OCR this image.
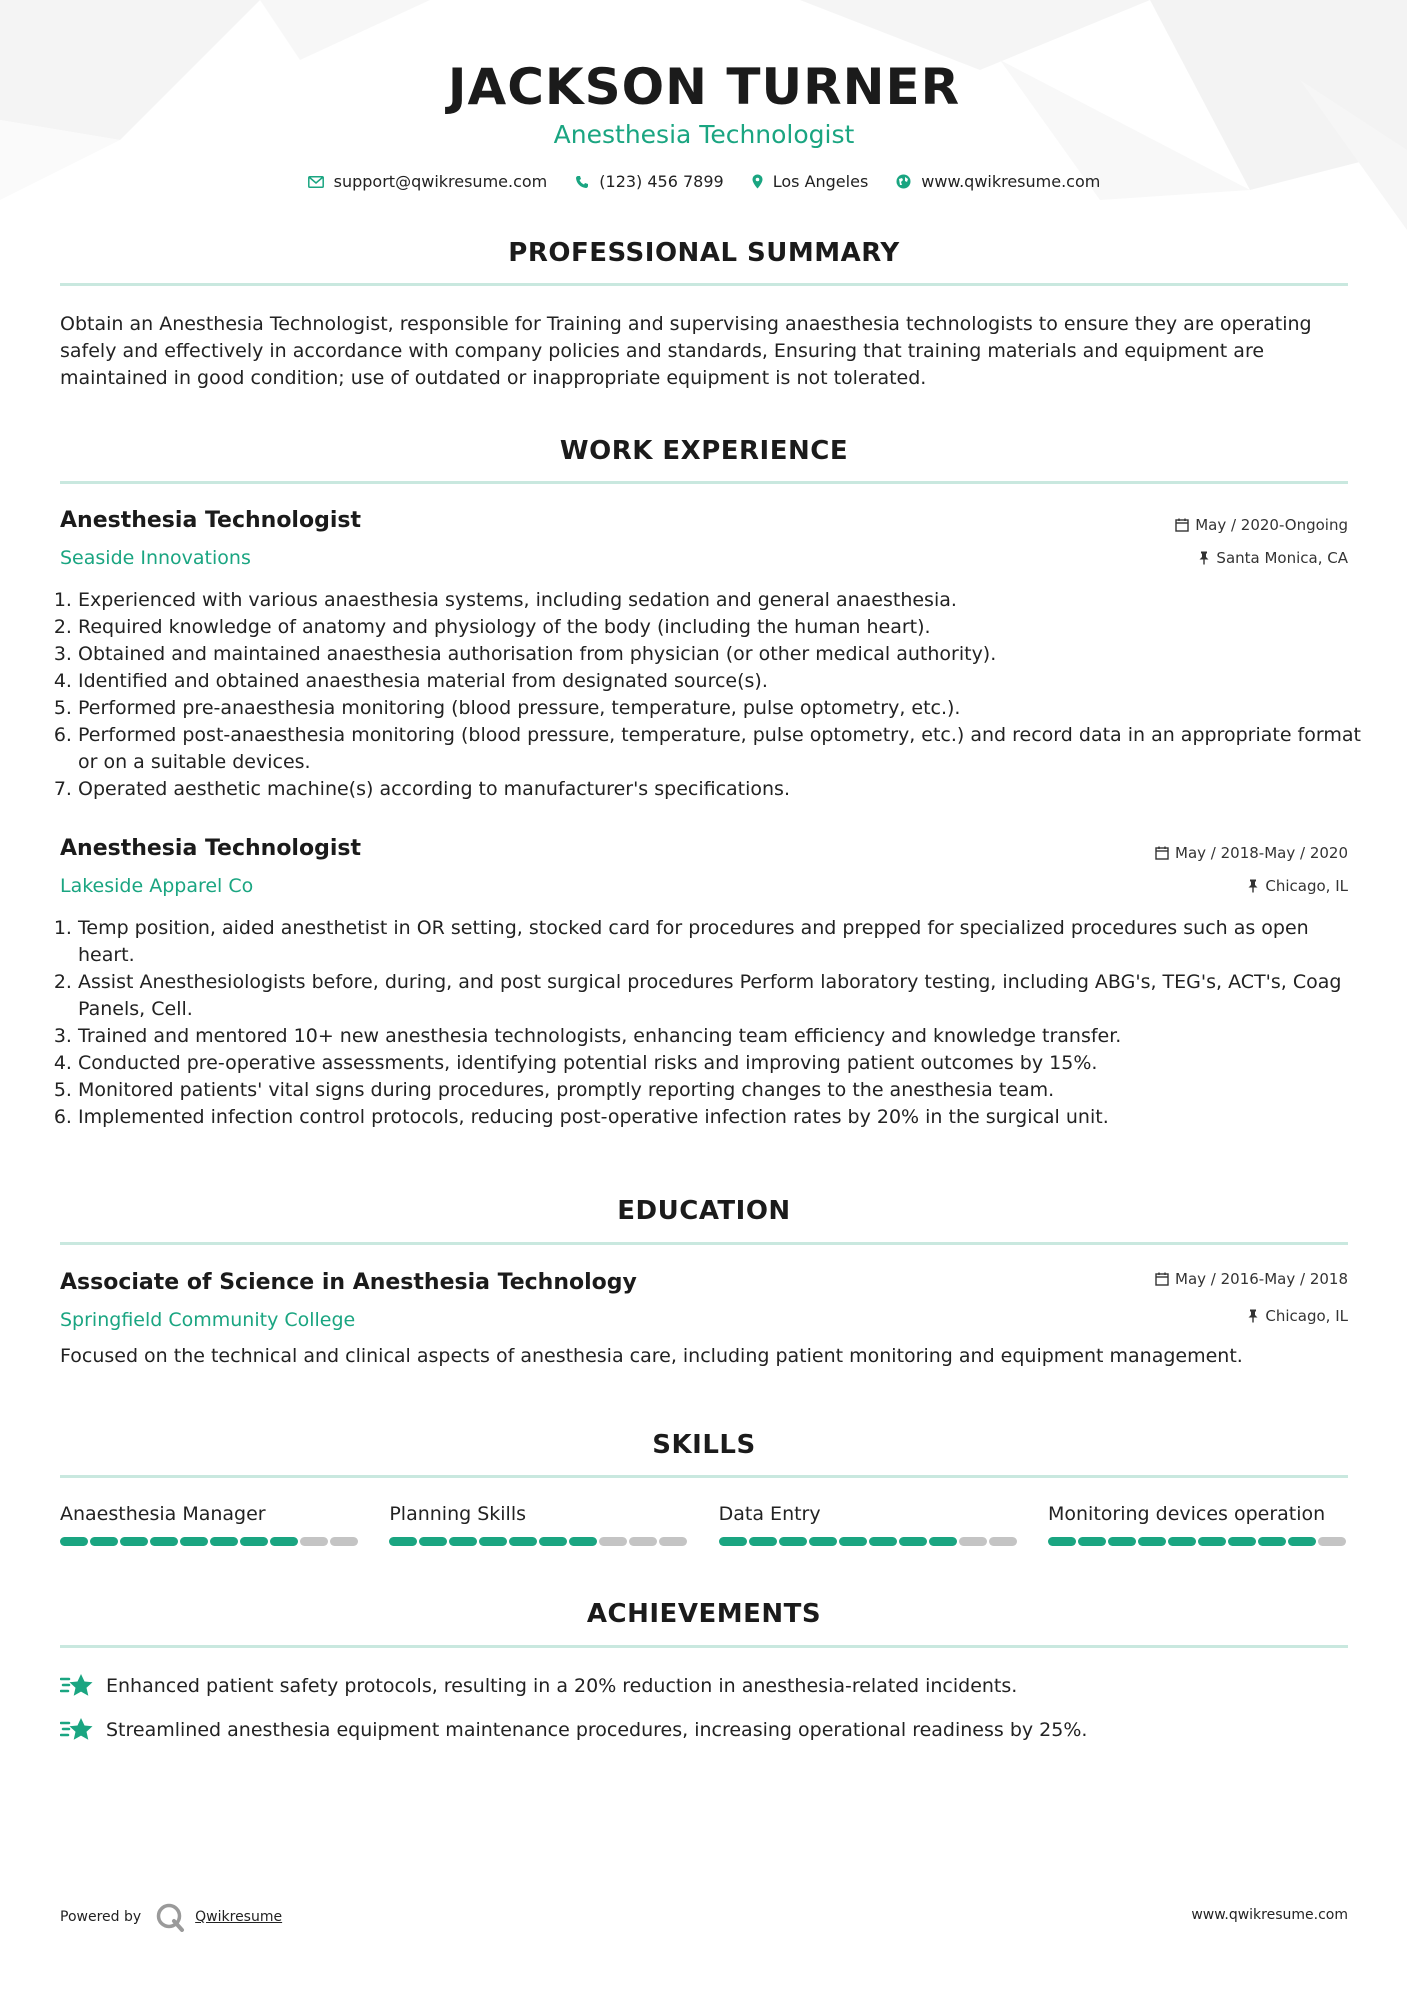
JACKSON TURNER
Anesthesia Technologist
support@qwikresume.com	(123) 456 7899	Los Angeles	www.qwikresume.com
PROFESSIONAL SUMMARY
Obtain an Anesthesia Technologist, responsible for Training and supervising anaesthesia technologists to ensure they are operating safely and effectively in accordance with company policies and standards, Ensuring that training materials and equipment are maintained in good condition; use of outdated or inappropriate equipment is not tolerated.
WORK EXPERIENCE
Anesthesia Technologist
Seaside Innovations
May / 2020-Ongoing
Santa Monica, CA
1. Experienced with various anaesthesia systems, including sedation and general anaesthesia.
2. Required knowledge of anatomy and physiology of the body (including the human heart).
3. Obtained and maintained anaesthesia authorisation from physician (or other medical authority).
4. Identified and obtained anaesthesia material from designated source(s).
5. Performed pre-anaesthesia monitoring (blood pressure, temperature, pulse optometry, etc.).
6. Performed post-anaesthesia monitoring (blood pressure, temperature, pulse optometry, etc.) and record data in an appropriate format or on a suitable devices.
7. Operated aesthetic machine(s) according to manufacturer's specifications.
Anesthesia Technologist
Lakeside Apparel Co
May / 2018-May / 2020
Chicago, IL
1. Temp position, aided anesthetist in OR setting, stocked card for procedures and prepped for specialized procedures such as open heart.
2. Assist Anesthesiologists before, during, and post surgical procedures Perform laboratory testing, including ABG's, TEG's, ACT's, Coag Panels, Cell.
3. Trained and mentored 10+ new anesthesia technologists, enhancing team efficiency and knowledge transfer.
4. Conducted pre-operative assessments, identifying potential risks and improving patient outcomes by 15%.
5. Monitored patients' vital signs during procedures, promptly reporting changes to the anesthesia team.
6. Implemented infection control protocols, reducing post-operative infection rates by 20% in the surgical unit.
EDUCATION
Associate of Science in Anesthesia Technology
Springfield Community College
May / 2016-May / 2018
Chicago, IL
Focused on the technical and clinical aspects of anesthesia care, including patient monitoring and equipment management.
SKILLS
Anaesthesia Manager	Planning Skills	Data Entry	Monitoring devices operation
ACHIEVEMENTS
Enhanced patient safety protocols, resulting in a 20% reduction in anesthesia-related incidents.
Streamlined anesthesia equipment maintenance procedures, increasing operational readiness by 25%.
Powered by	Qwikresume	www.qwikresume.com
